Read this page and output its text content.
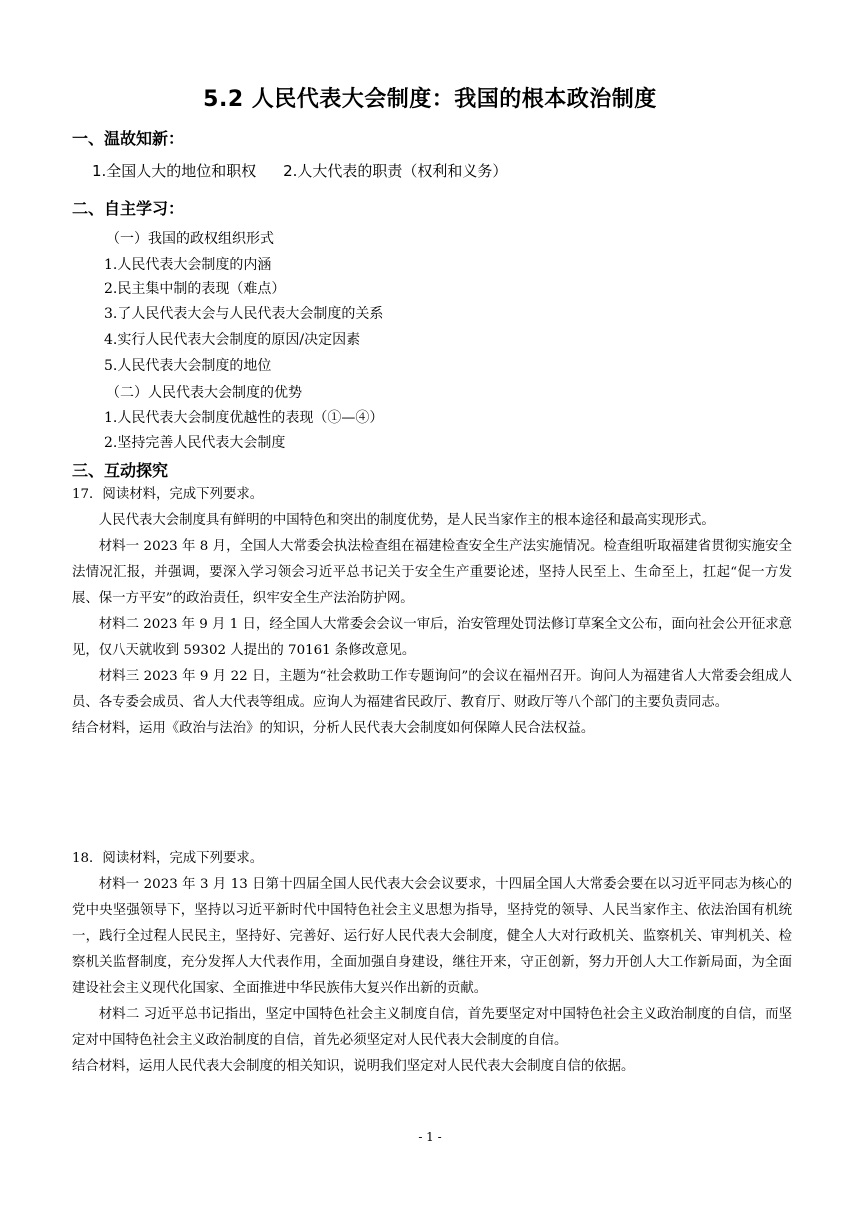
5.2 人民代表大会制度：我国的根本政治制度
一、温故知新：
1.全国人大的地位和职权 2.人大代表的职责（权利和义务）
二、自主学习：
（一）我国的政权组织形式
1.人民代表大会制度的内涵
2.民主集中制的表现（难点）
3.了人民代表大会与人民代表大会制度的关系
4.实行人民代表大会制度的原因/决定因素
5.人民代表大会制度的地位
（二）人民代表大会制度的优势
1.人民代表大会制度优越性的表现（①—④）
2.坚持完善人民代表大会制度
三、互动探究

17．阅读材料，完成下列要求。

人民代表大会制度具有鲜明的中国特色和突出的制度优势，是人民当家作主的根本途径和最高实现形式。

材料一 2023 年 8 月，全国人大常委会执法检查组在福建检查安全生产法实施情况。检查组听取福建省贯彻实施安全法情况汇报，并强调，要深入学习领会习近平总书记关于安全生产重要论述，坚持人民至上、生命至上，扛起“促一方发展、保一方平安”的政治责任，织牢安全生产法治防护网。

材料二 2023 年 9 月 1 日，经全国人大常委会会议一审后，治安管理处罚法修订草案全文公布，面向社会公开征求意见，仅八天就收到 59302 人提出的 70161 条修改意见。

材料三 2023 年 9 月 22 日，主题为“社会救助工作专题询问”的会议在福州召开。询问人为福建省人大常委会组成人员、各专委会成员、省人大代表等组成。应询人为福建省民政厅、教育厅、财政厅等八个部门的主要负责同志。

结合材料，运用《政治与法治》的知识，分析人民代表大会制度如何保障人民合法权益。

18．阅读材料，完成下列要求。

材料一 2023 年 3 月 13 日第十四届全国人民代表大会会议要求，十四届全国人大常委会要在以习近平同志为核心的党中央坚强领导下，坚持以习近平新时代中国特色社会主义思想为指导，坚持党的领导、人民当家作主、依法治国有机统一，践行全过程人民民主，坚持好、完善好、运行好人民代表大会制度，健全人大对行政机关、监察机关、审判机关、检察机关监督制度，充分发挥人大代表作用，全面加强自身建设，继往开来，守正创新，努力开创人大工作新局面，为全面建设社会主义现代化国家、全面推进中华民族伟大复兴作出新的贡献。

材料二 习近平总书记指出，坚定中国特色社会主义制度自信，首先要坚定对中国特色社会主义政治制度的自信，而坚定对中国特色社会主义政治制度的自信，首先必须坚定对人民代表大会制度的自信。

结合材料，运用人民代表大会制度的相关知识，说明我们坚定对人民代表大会制度自信的依据。

- 1 -
